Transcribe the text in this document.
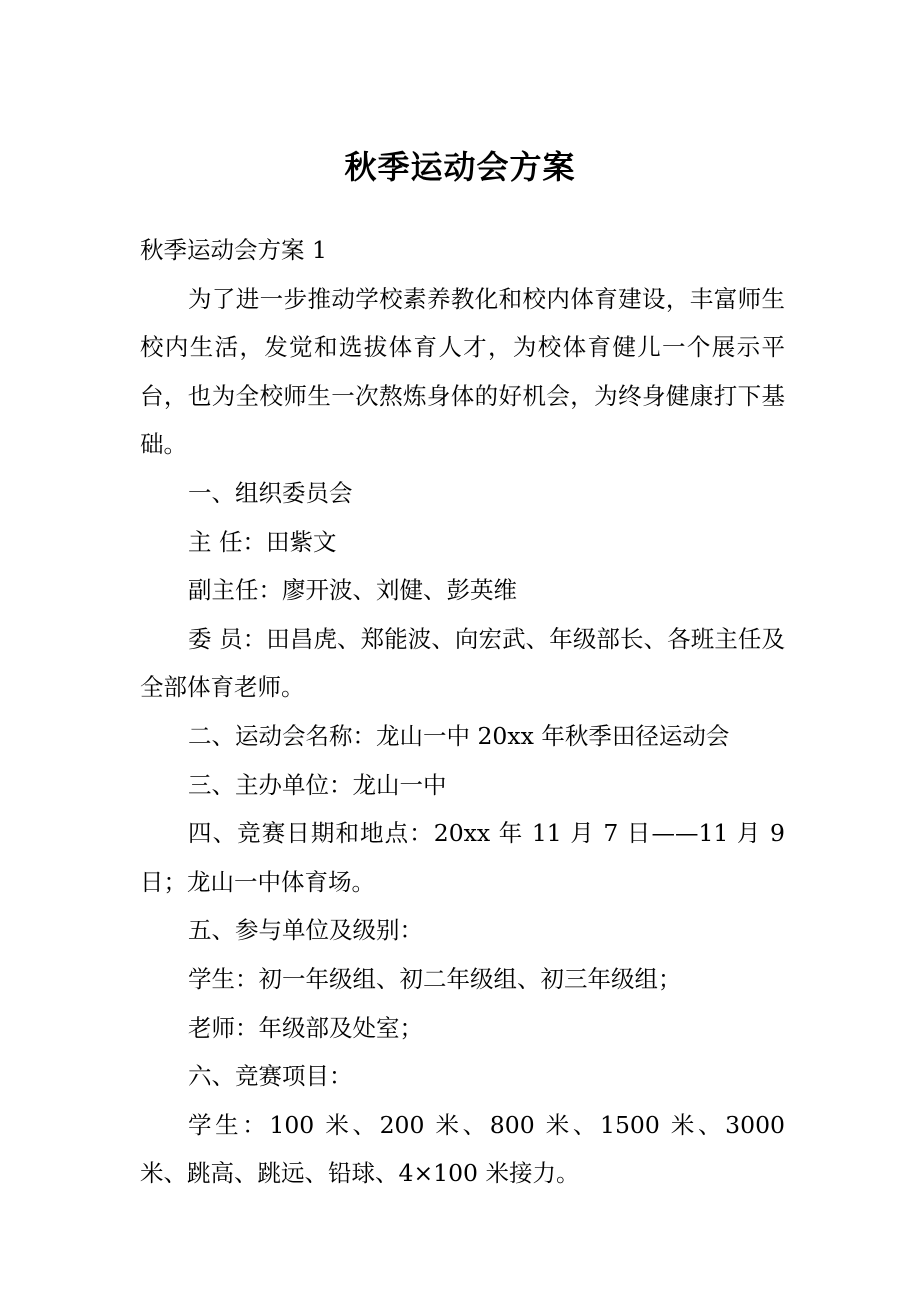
秋季运动会方案

秋季运动会方案 1

为了进一步推动学校素养教化和校内体育建设，丰富师生校内生活，发觉和选拔体育人才，为校体育健儿一个展示平台，也为全校师生一次熬炼身体的好机会，为终身健康打下基础。

一、组织委员会

主 任：田紫文

副主任：廖开波、刘健、彭英维

委 员：田昌虎、郑能波、向宏武、年级部长、各班主任及全部体育老师。

二、运动会名称：龙山一中 20xx 年秋季田径运动会

三、主办单位：龙山一中

四、竞赛日期和地点：20xx 年 11 月 7 日——11 月 9 日；龙山一中体育场。

五、参与单位及级别：

学生：初一年级组、初二年级组、初三年级组；

老师：年级部及处室；

六、竞赛项目：

学生：100 米、200 米、800 米、1500 米、3000 米、跳高、跳远、铅球、4×100 米接力。
